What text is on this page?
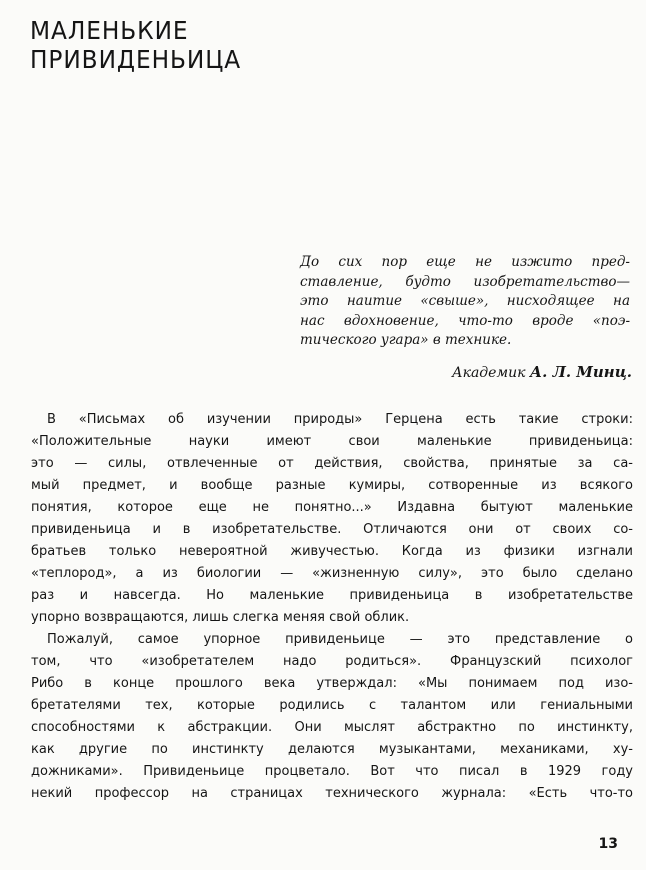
МАЛЕНЬКИЕ
ПРИВИДЕНЬИЦА
До сих пор еще не изжито пред-
ставление, будто изобретательство—
это наитие «свыше», нисходящее на
нас вдохновение, что-то вроде «поэ-
тического угара» в технике.
Академик А. Л. Минц.
В «Письмах об изучении природы» Герцена есть такие строки:
«Положительные науки имеют свои маленькие привиденьица:
это — силы, отвлеченные от действия, свойства, принятые за са-
мый предмет, и вообще разные кумиры, сотворенные из всякого
понятия, которое еще не понятно...» Издавна бытуют маленькие
привиденьица и в изобретательстве. Отличаются они от своих со-
братьев только невероятной живучестью. Когда из физики изгнали
«теплород», а из биологии — «жизненную силу», это было сделано
раз и навсегда. Но маленькие привиденьица в изобретательстве
упорно возвращаются, лишь слегка меняя свой облик.
Пожалуй, самое упорное привиденьице — это представление о
том, что «изобретателем надо родиться». Французский психолог
Рибо в конце прошлого века утверждал: «Мы понимаем под изо-
бретателями тех, которые родились с талантом или гениальными
способностями к абстракции. Они мыслят абстрактно по инстинкту,
как другие по инстинкту делаются музыкантами, механиками, ху-
дожниками». Привиденьице процветало. Вот что писал в 1929 году
некий профессор на страницах технического журнала: «Есть что-то
13
